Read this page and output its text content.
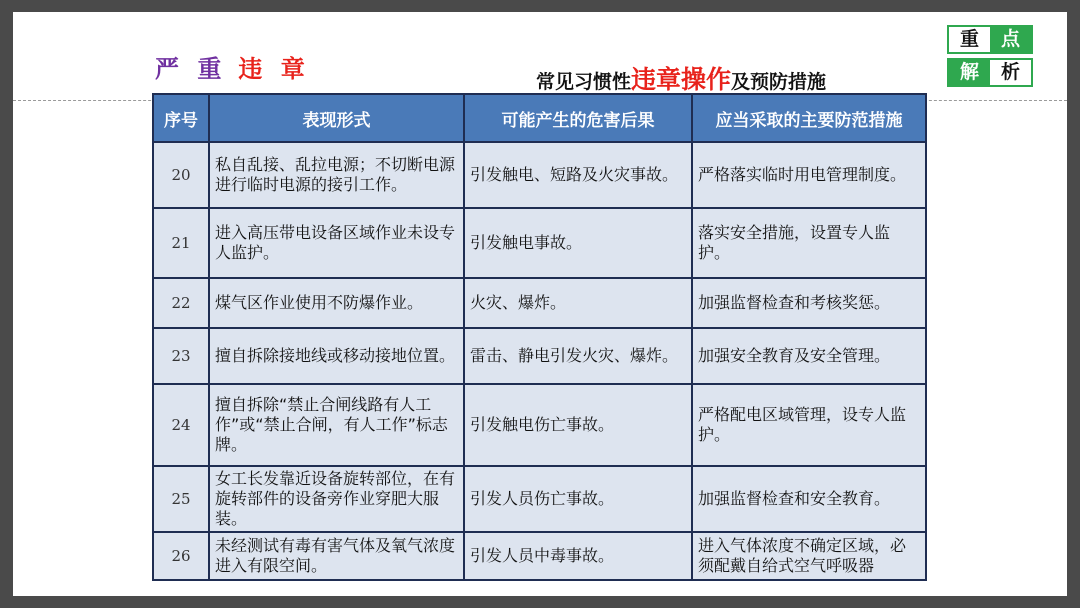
严 重 违 章	常见习惯性违章操作及预防措施
重	点
解	析
序号	表现形式	可能产生的危害后果	应当采取的主要防范措施
20	私自乱接、乱拉电源；不切断电源进行临时电源的接引工作。	引发触电、短路及火灾事故。	严格落实临时用电管理制度。
21	进入高压带电设备区域作业未设专人监护。	引发触电事故。	落实安全措施，设置专人监护。
22	煤气区作业使用不防爆作业。	火灾、爆炸。	加强监督检查和考核奖惩。
23	擅自拆除接地线或移动接地位置。	雷击、静电引发火灾、爆炸。	加强安全教育及安全管理。
24	擅自拆除“禁止合闸线路有人工作”或“禁止合闸，有人工作”标志牌。	引发触电伤亡事故。	严格配电区域管理，设专人监护。
25	女工长发靠近设备旋转部位，在有旋转部件的设备旁作业穿肥大服装。	引发人员伤亡事故。	加强监督检查和安全教育。
26	未经测试有毒有害气体及氧气浓度进入有限空间。	引发人员中毒事故。	进入气体浓度不确定区域，必须配戴自给式空气呼吸器
